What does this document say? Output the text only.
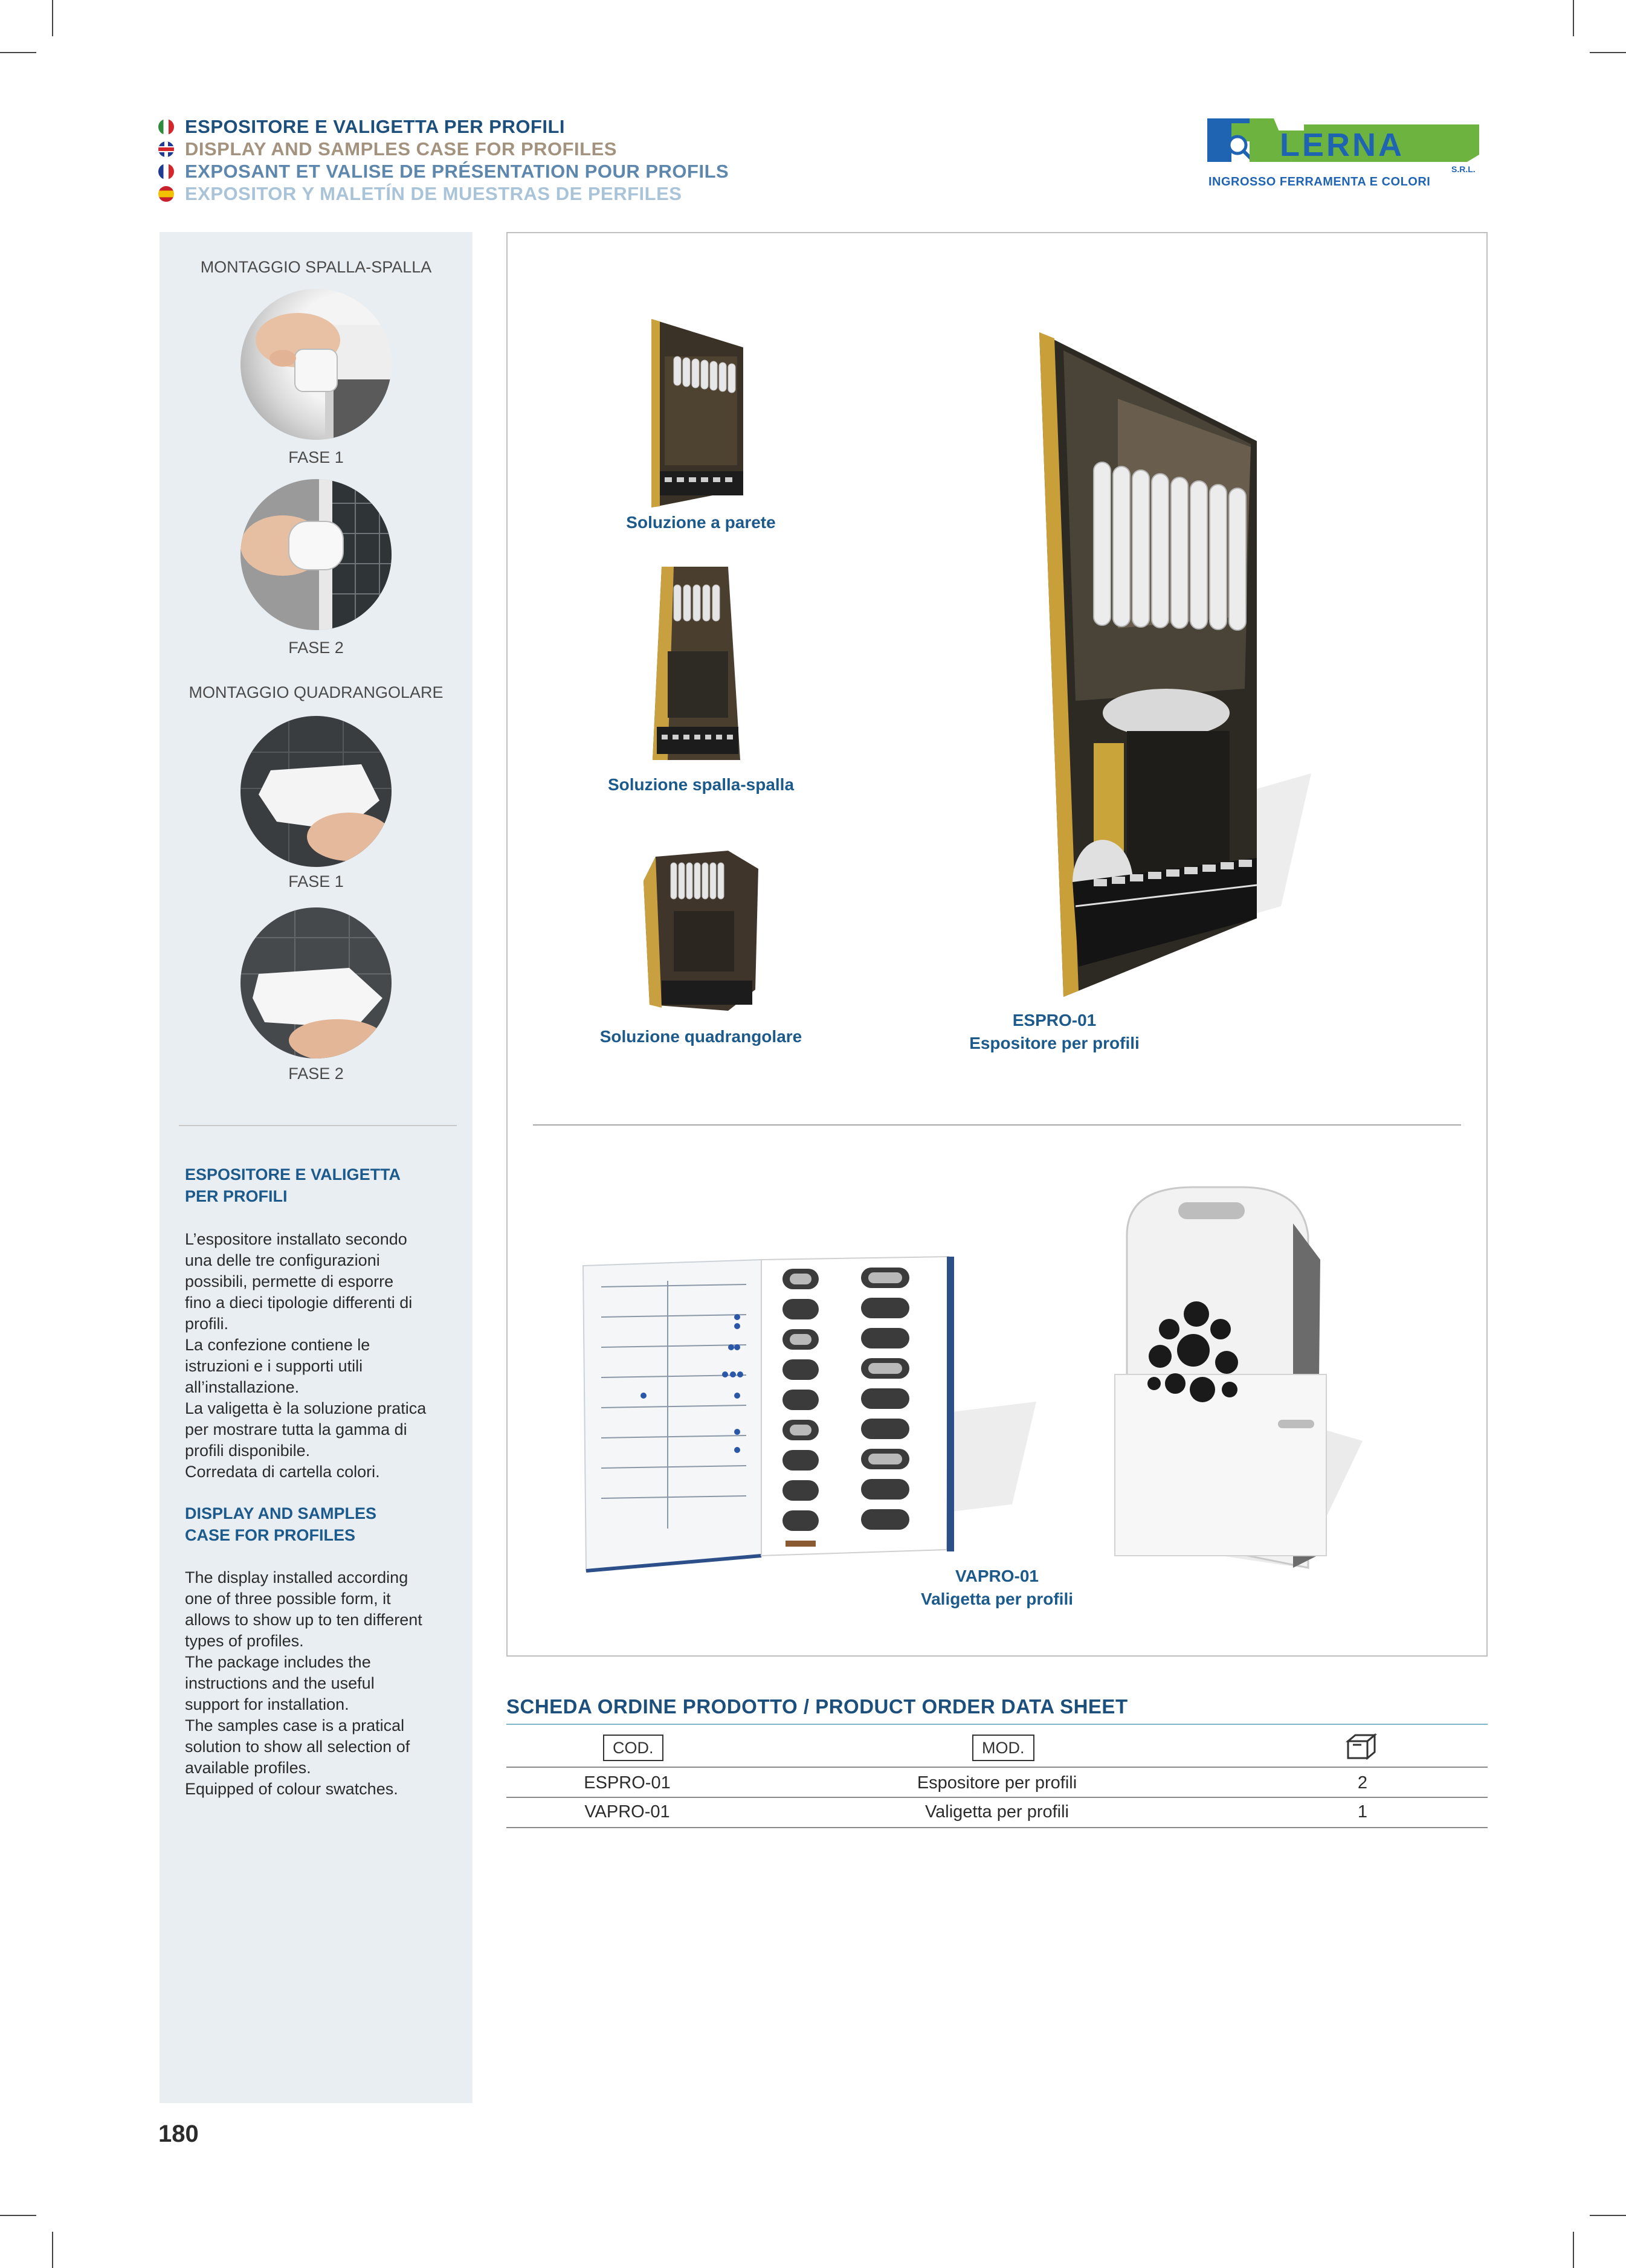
ESPOSITORE E VALIGETTA PER PROFILI
DISPLAY AND SAMPLES CASE FOR PROFILES
EXPOSANT ET VALISE DE PRÉSENTATION POUR PROFILS
EXPOSITOR Y MALETÍN DE MUESTRAS DE PERFILES
LERNA
S.R.L.
INGROSSO FERRAMENTA E COLORI
MONTAGGIO SPALLA-SPALLA
FASE 1
FASE 2
MONTAGGIO QUADRANGOLARE
FASE 1
FASE 2
ESPOSITORE E VALIGETTA
PER PROFILI
L’espositore installato secondo
una delle tre configurazioni
possibili, permette di esporre
fino a dieci tipologie differenti di
profili.
La confezione contiene le
istruzioni e i supporti utili
all’installazione.
La valigetta è la soluzione pratica
per mostrare tutta la gamma di
profili disponibile.
Corredata di cartella colori.
DISPLAY AND SAMPLES
CASE FOR PROFILES
The display installed according
one of three possible form, it
allows to show up to ten different
types of profiles.
The package includes the
instructions and the useful
support for installation.
The samples case is a pratical
solution to show all selection of
available profiles.
Equipped of colour swatches.
Soluzione a parete
Soluzione spalla-spalla
Soluzione quadrangolare
ESPRO-01
Espositore per profili
VAPRO-01
Valigetta per profili
SCHEDA ORDINE PRODOTTO / PRODUCT ORDER DATA SHEET
COD.	MOD.
ESPRO-01	Espositore per profili	2
VAPRO-01	Valigetta per profili	1
180
